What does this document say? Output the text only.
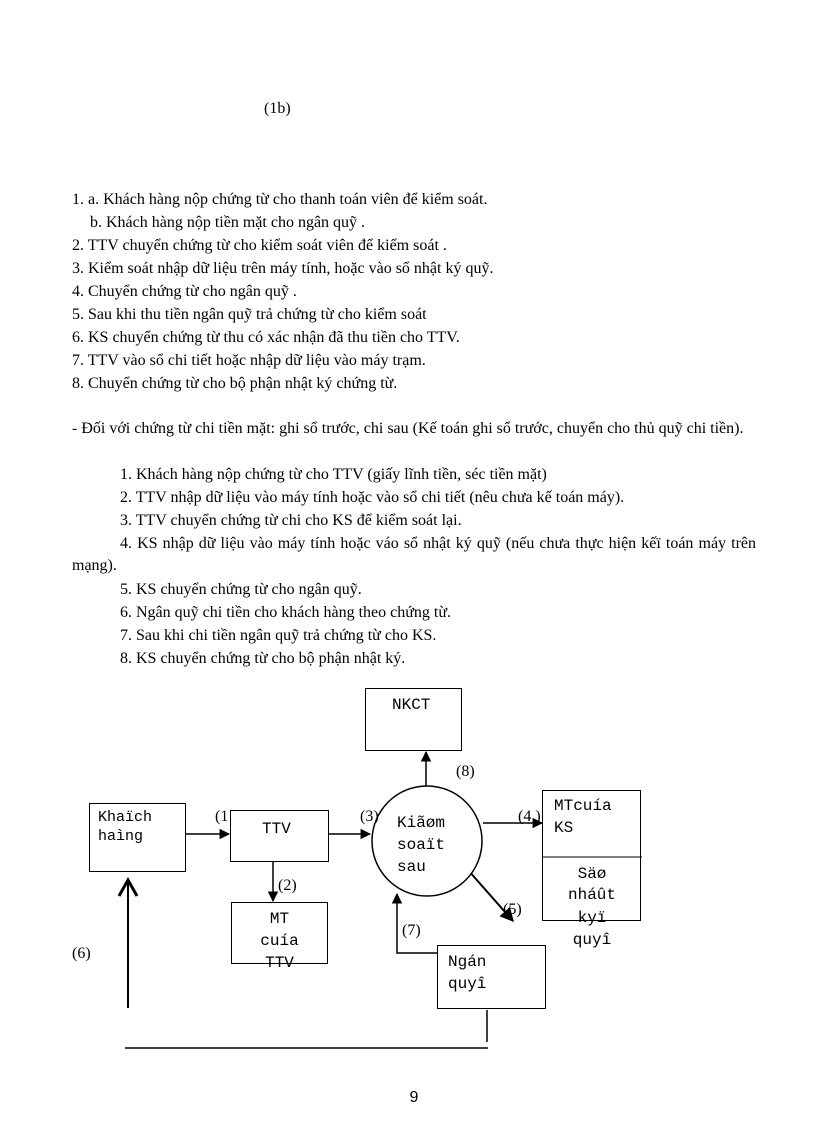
(1b)
1. a. Khách hàng nộp chứng từ cho thanh toán viên để kiểm soát.
b. Khách hàng nộp tiền mặt cho ngân quỹ .
2. TTV chuyển chứng từ cho kiểm soát viên để kiểm soát .
3. Kiểm soát nhập dữ liệu trên máy tính, hoặc vào sổ nhật ký quỹ.
4. Chuyển chứng từ cho ngân quỹ .
5. Sau khi thu tiền ngân quỹ trả chứng từ cho kiểm soát
6. KS chuyển chứng từ thu có xác nhận đã thu tiền cho TTV.
7. TTV vào sổ chi tiết hoặc nhập dữ liệu vào máy trạm.
8. Chuyển chứng từ cho bộ phận nhật ký chứng từ.
- Đối với chứng từ chi tiền mặt: ghi sổ trước, chi sau (Kế toán ghi sổ trước, chuyển cho thủ quỹ chi tiền).
1. Khách hàng nộp chứng từ cho TTV (giấy lĩnh tiền, séc tiền mặt)
2. TTV nhập dữ liệu vào máy tính hoặc vào sổ chi tiết (nêu chưa kế toán máy).
3. TTV chuyển chứng từ chi cho KS để kiểm soát lại.
4. KS nhập dữ liệu vào máy tính hoặc váo sổ nhật ký quỹ (nếu chưa thực hiện kếï toán máy trên mạng).
5. KS chuyển chứng từ cho ngân quỹ.
6. Ngân quỹ chi tiền cho khách hàng theo chứng từ.
7. Sau khi chi tiền ngân quỹ trả chứng từ cho KS.
8. KS chuyển chứng từ cho bộ phận nhật ký.
NKCT
Khaïch
haìng	TTV	Kiãøm
soaït
sau
MTcuía
KS
Säø
nháût
kyï
quyî
MT
cuía
TTV	Ngán
quyî
(1
(2)
(3)	(4 )
(5)
(6)
(7)
(8)
9
